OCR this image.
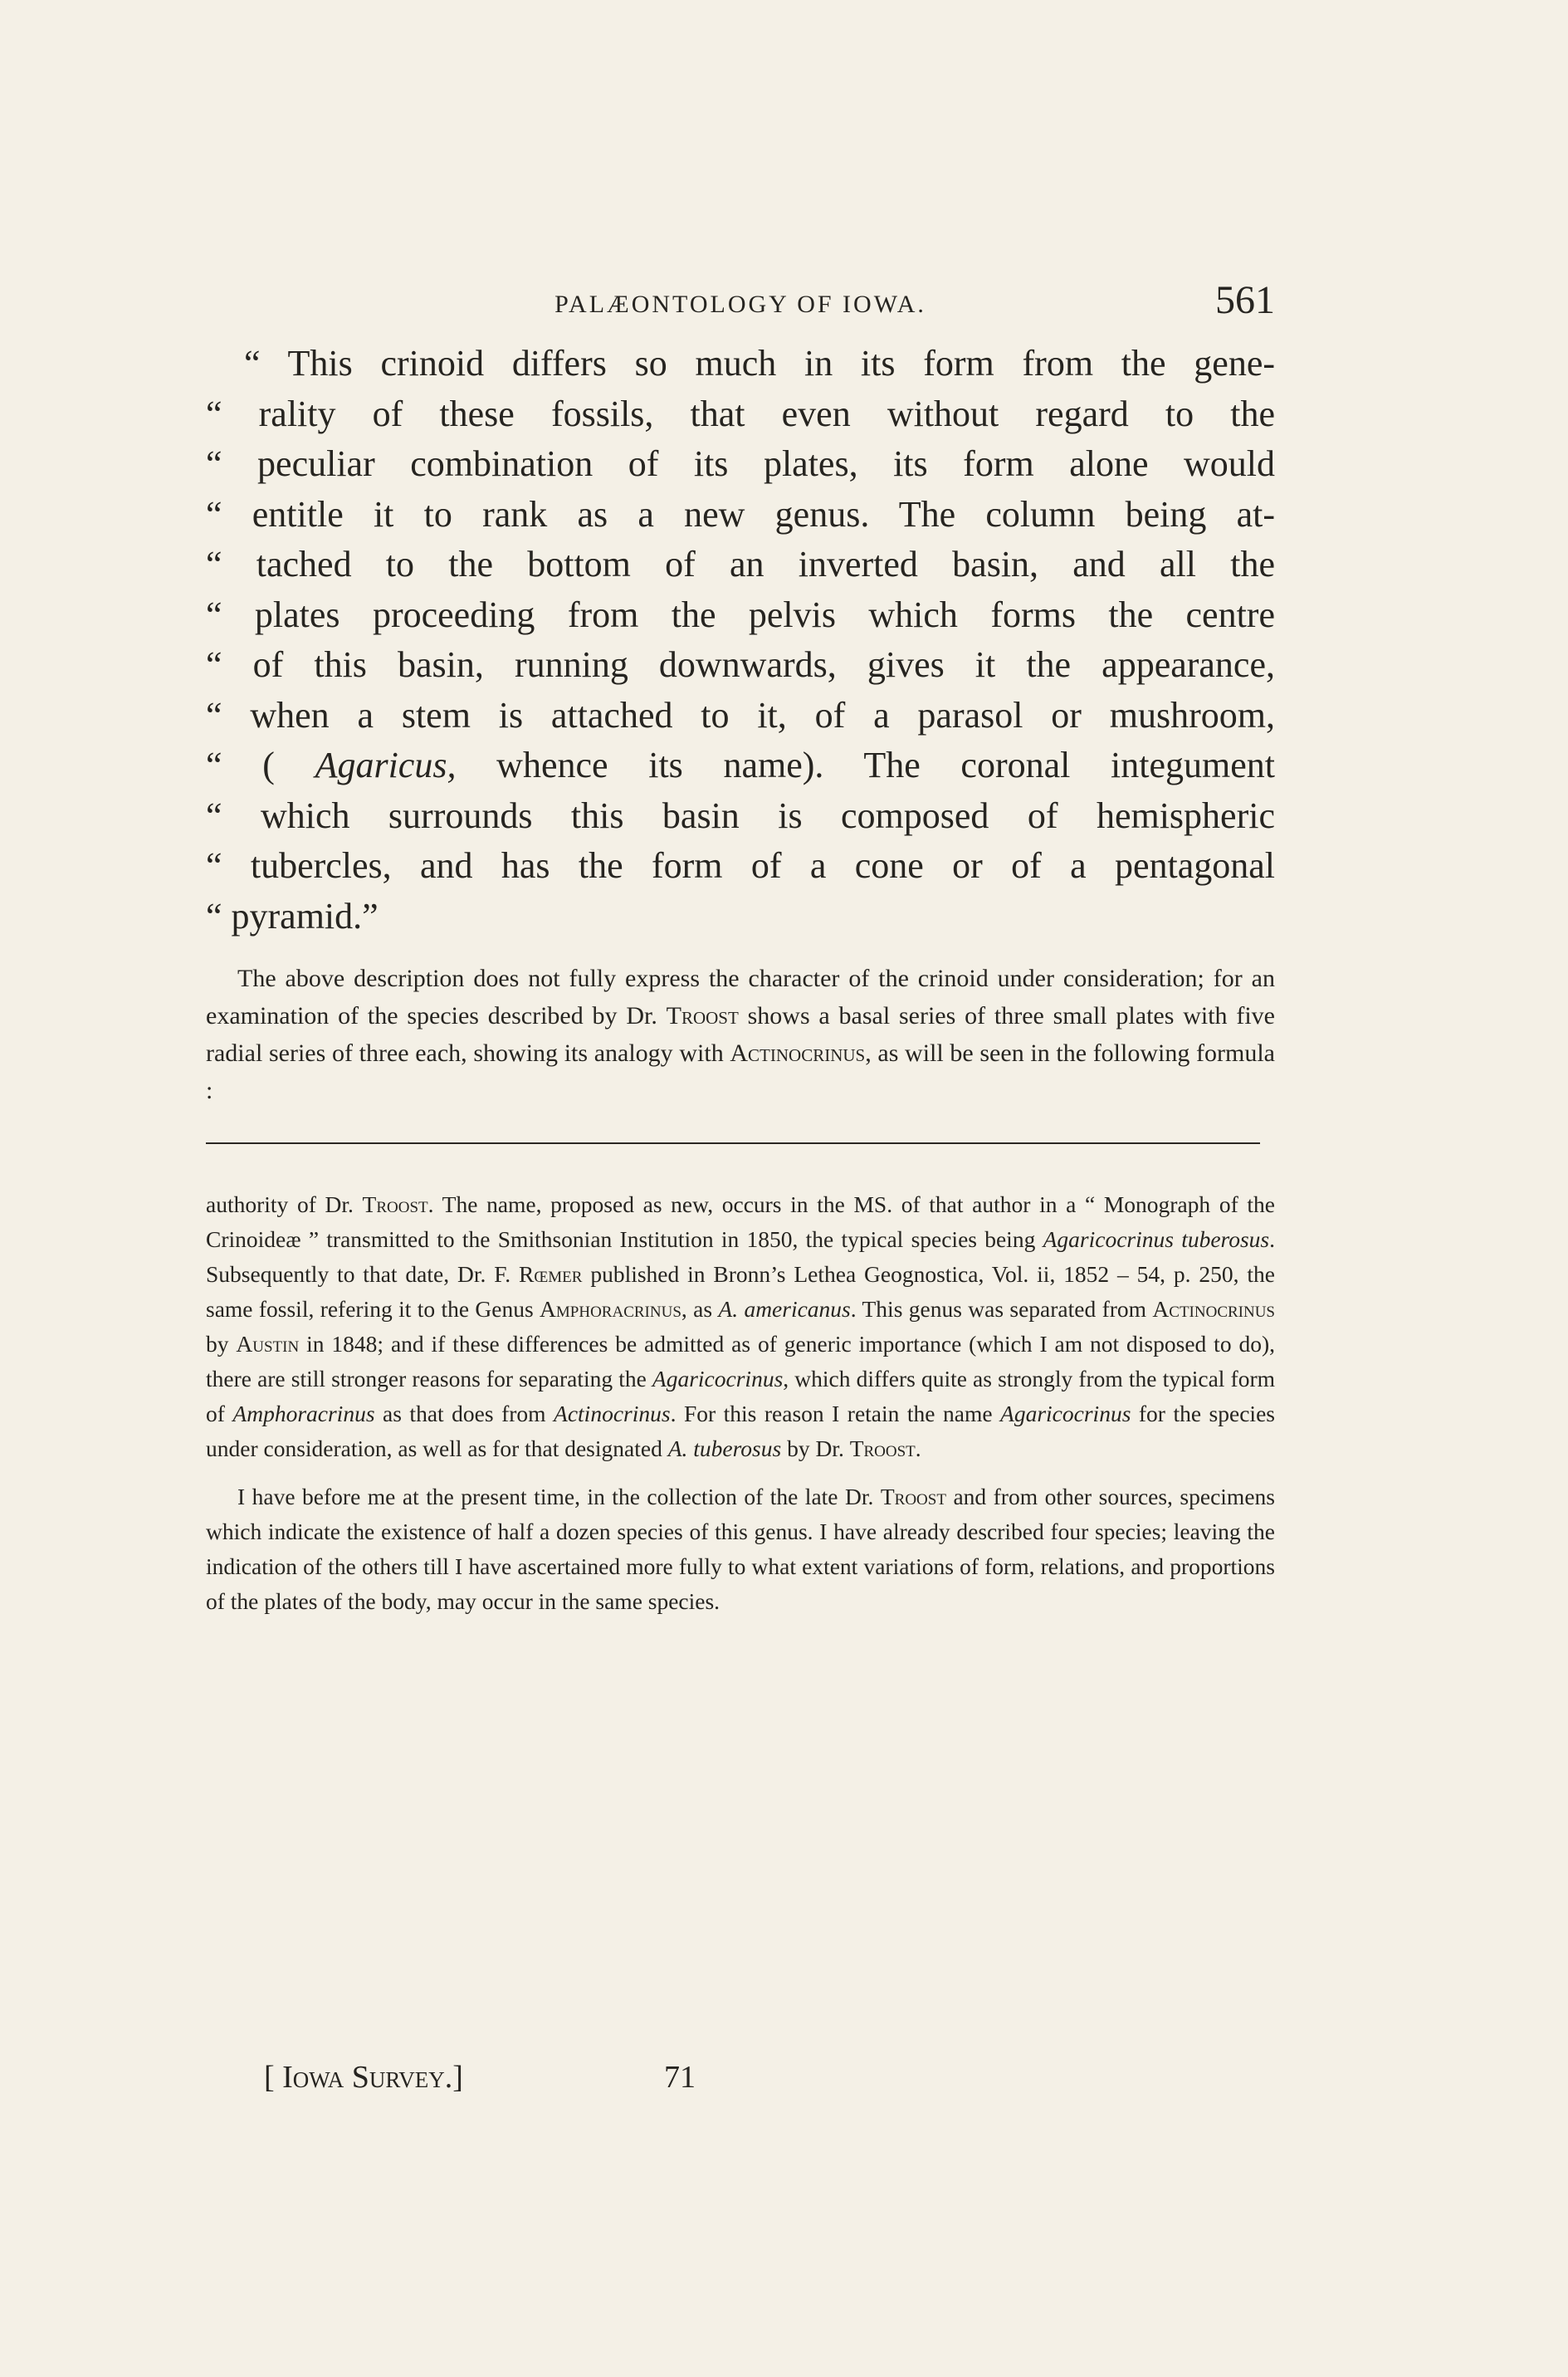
PALÆONTOLOGY OF IOWA.	561
“ This crinoid differs so much in its form from the gene-
“ rality of these fossils, that even without regard to the
“ peculiar combination of its plates, its form alone would
“ entitle it to rank as a new genus. The column being at-
“ tached to the bottom of an inverted basin, and all the
“ plates proceeding from the pelvis which forms the centre
“ of this basin, running downwards, gives it the appearance,
“ when a stem is attached to it, of a parasol or mushroom,
“ ( Agaricus, whence its name). The coronal integument
“ which surrounds this basin is composed of hemispheric
“ tubercles, and has the form of a cone or of a pentagonal
“ pyramid.”

The above description does not fully express the character of the crinoid under consideration; for an examination of the species described by Dr. Troost shows a basal series of three small plates with five radial series of three each, showing its analogy with Actinocrinus, as will be seen in the following formula :

authority of Dr. Troost. The name, proposed as new, occurs in the MS. of that author in a “ Monograph of the Crinoideæ ” transmitted to the Smithsonian Institution in 1850, the typical species being Agaricocrinus tuberosus. Subsequently to that date, Dr. F. Rœmer published in Bronn’s Lethea Geognostica, Vol. ii, 1852 – 54, p. 250, the same fossil, refering it to the Genus Amphoracrinus, as A. americanus. This genus was separated from Actinocrinus by Austin in 1848; and if these differences be admitted as of generic importance (which I am not disposed to do), there are still stronger reasons for separating the Agaricocrinus, which differs quite as strongly from the typical form of Amphoracrinus as that does from Actinocrinus. For this reason I retain the name Agaricocrinus for the species under consideration, as well as for that designated A. tuberosus by Dr. Troost.

I have before me at the present time, in the collection of the late Dr. Troost and from other sources, specimens which indicate the existence of half a dozen species of this genus. I have already described four species; leaving the indication of the others till I have ascertained more fully to what extent variations of form, relations, and proportions of the plates of the body, may occur in the same species.

[ Iowa Survey.]	71
